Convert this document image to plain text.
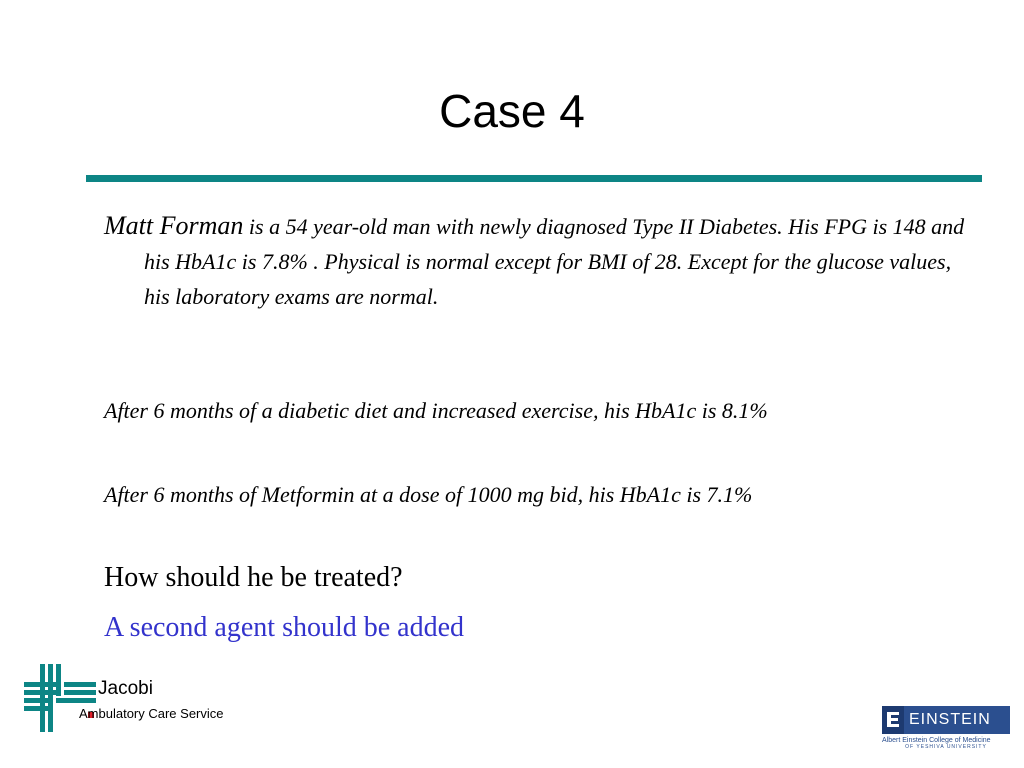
Case 4

Matt Forman is a 54 year-old man with newly diagnosed Type II Diabetes. His FPG is 148 and his HbA1c is 7.8% . Physical is normal except for BMI of 28. Except for the glucose values, his laboratory exams are normal.

After 6 months of a diabetic diet and increased exercise, his HbA1c is 8.1%

After 6 months of Metformin at a dose of 1000 mg bid, his HbA1c is 7.1%

How should he be treated?
A second agent should be added
Jacobi
Ambulatory Care Service	EINSTEIN
Albert Einstein College of Medicine
OF YESHIVA UNIVERSITY
